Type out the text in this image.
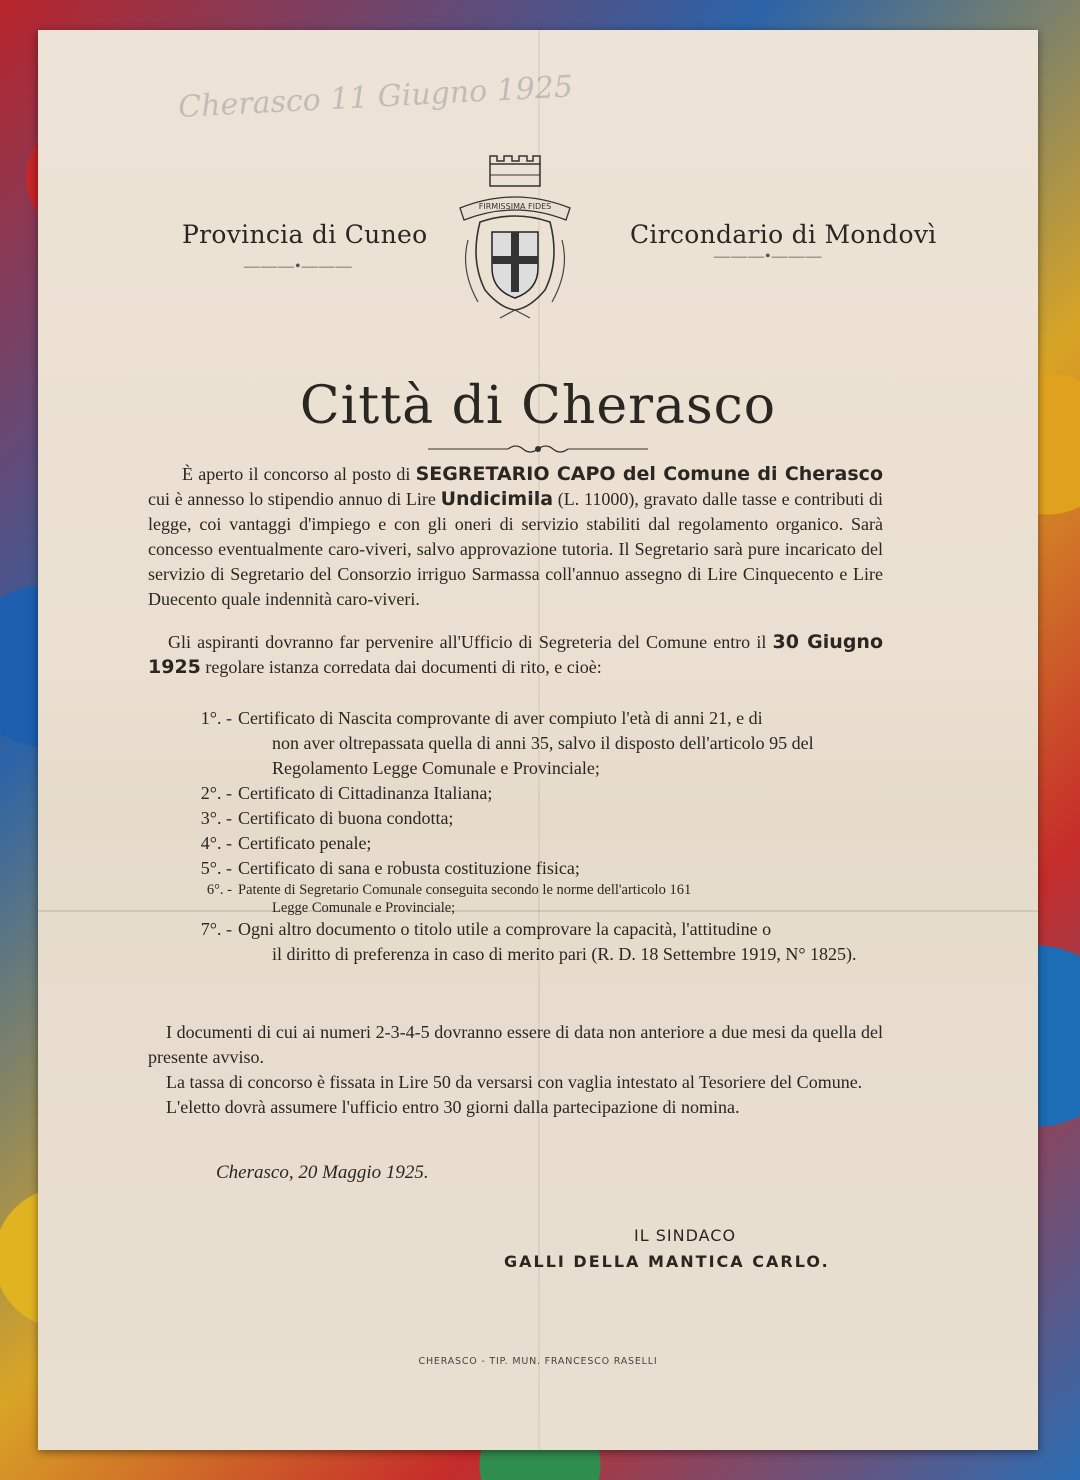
Cherasco 11 Giugno 1925
Provincia di Cuneo
———•———
Circondario di Mondovì
———•———
FIRMISSIMA FIDES
Città di Cherasco
È aperto il concorso al posto di SEGRETARIO CAPO del Comune di Cherasco cui è annesso lo stipendio annuo di Lire Undicimila (L. 11000), gravato dalle tasse e contributi di legge, coi vantaggi d'impiego e con gli oneri di servizio stabiliti dal regolamento organico. Sarà concesso eventualmente caro-viveri, salvo approvazione tutoria. Il Segretario sarà pure incaricato del servizio di Segretario del Consorzio irriguo Sarmassa coll'annuo assegno di Lire Cinquecento e Lire Duecento quale indennità caro-viveri.
Gli aspiranti dovranno far pervenire all'Ufficio di Segreteria del Comune entro il 30 Giugno 1925 regolare istanza corredata dai documenti di rito, e cioè:
1°. - Certificato di Nascita comprovante di aver compiuto l'età di anni 21, e di
non aver oltrepassata quella di anni 35, salvo il disposto dell'articolo 95 del Regolamento Legge Comunale e Provinciale;
2°. - Certificato di Cittadinanza Italiana;
3°. - Certificato di buona condotta;
4°. - Certificato penale;
5°. - Certificato di sana e robusta costituzione fisica;
6°. - Patente di Segretario Comunale conseguita secondo le norme dell'articolo 161
Legge Comunale e Provinciale;
7°. - Ogni altro documento o titolo utile a comprovare la capacità, l'attitudine o
il diritto di preferenza in caso di merito pari (R. D. 18 Settembre 1919, N° 1825).
I documenti di cui ai numeri 2-3-4-5 dovranno essere di data non anteriore a due mesi da quella del presente avviso.
La tassa di concorso è fissata in Lire 50 da versarsi con vaglia intestato al Tesoriere del Comune.
L'eletto dovrà assumere l'ufficio entro 30 giorni dalla partecipazione di nomina.
Cherasco, 20 Maggio 1925.
IL SINDACO
GALLI DELLA MANTICA CARLO.
CHERASCO - TIP. MUN. FRANCESCO RASELLI
